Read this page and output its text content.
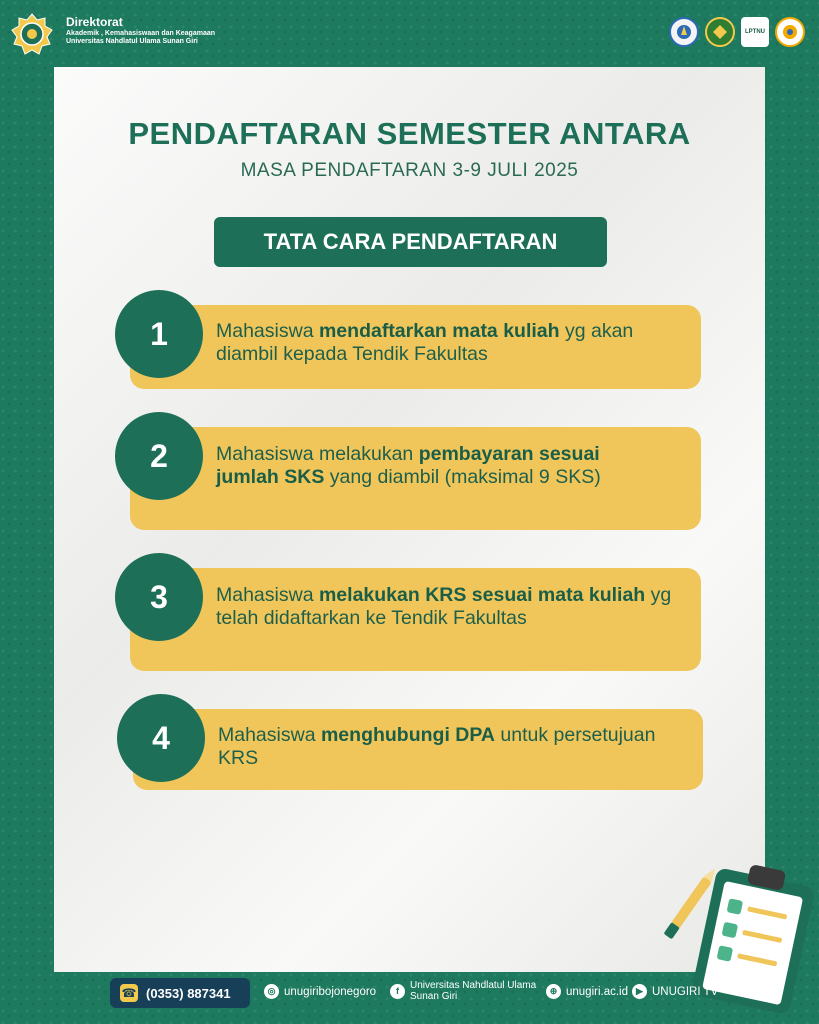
Direktorat
Akademik , Kemahasiswaan dan Keagamaan
Universitas Nahdlatul Ulama Sunan Giri
LPTNU
PENDAFTARAN SEMESTER ANTARA
MASA PENDAFTARAN 3-9 JULI 2025
TATA CARA PENDAFTARAN
1	Mahasiswa mendaftarkan mata kuliah yg akan diambil kepada Tendik Fakultas
2	Mahasiswa melakukan pembayaran sesuai jumlah SKS yang diambil (maksimal 9 SKS)
3	Mahasiswa melakukan KRS sesuai mata kuliah yg telah didaftarkan ke Tendik Fakultas
4	Mahasiswa menghubungi DPA untuk persetujuan KRS
☎ (0353) 887341	◎ unugiribojonegoro	f	Universitas Nahdlatul Ulama
Sunan Giri	⊕ unugiri.ac.id ▶ UNUGIRI TV
